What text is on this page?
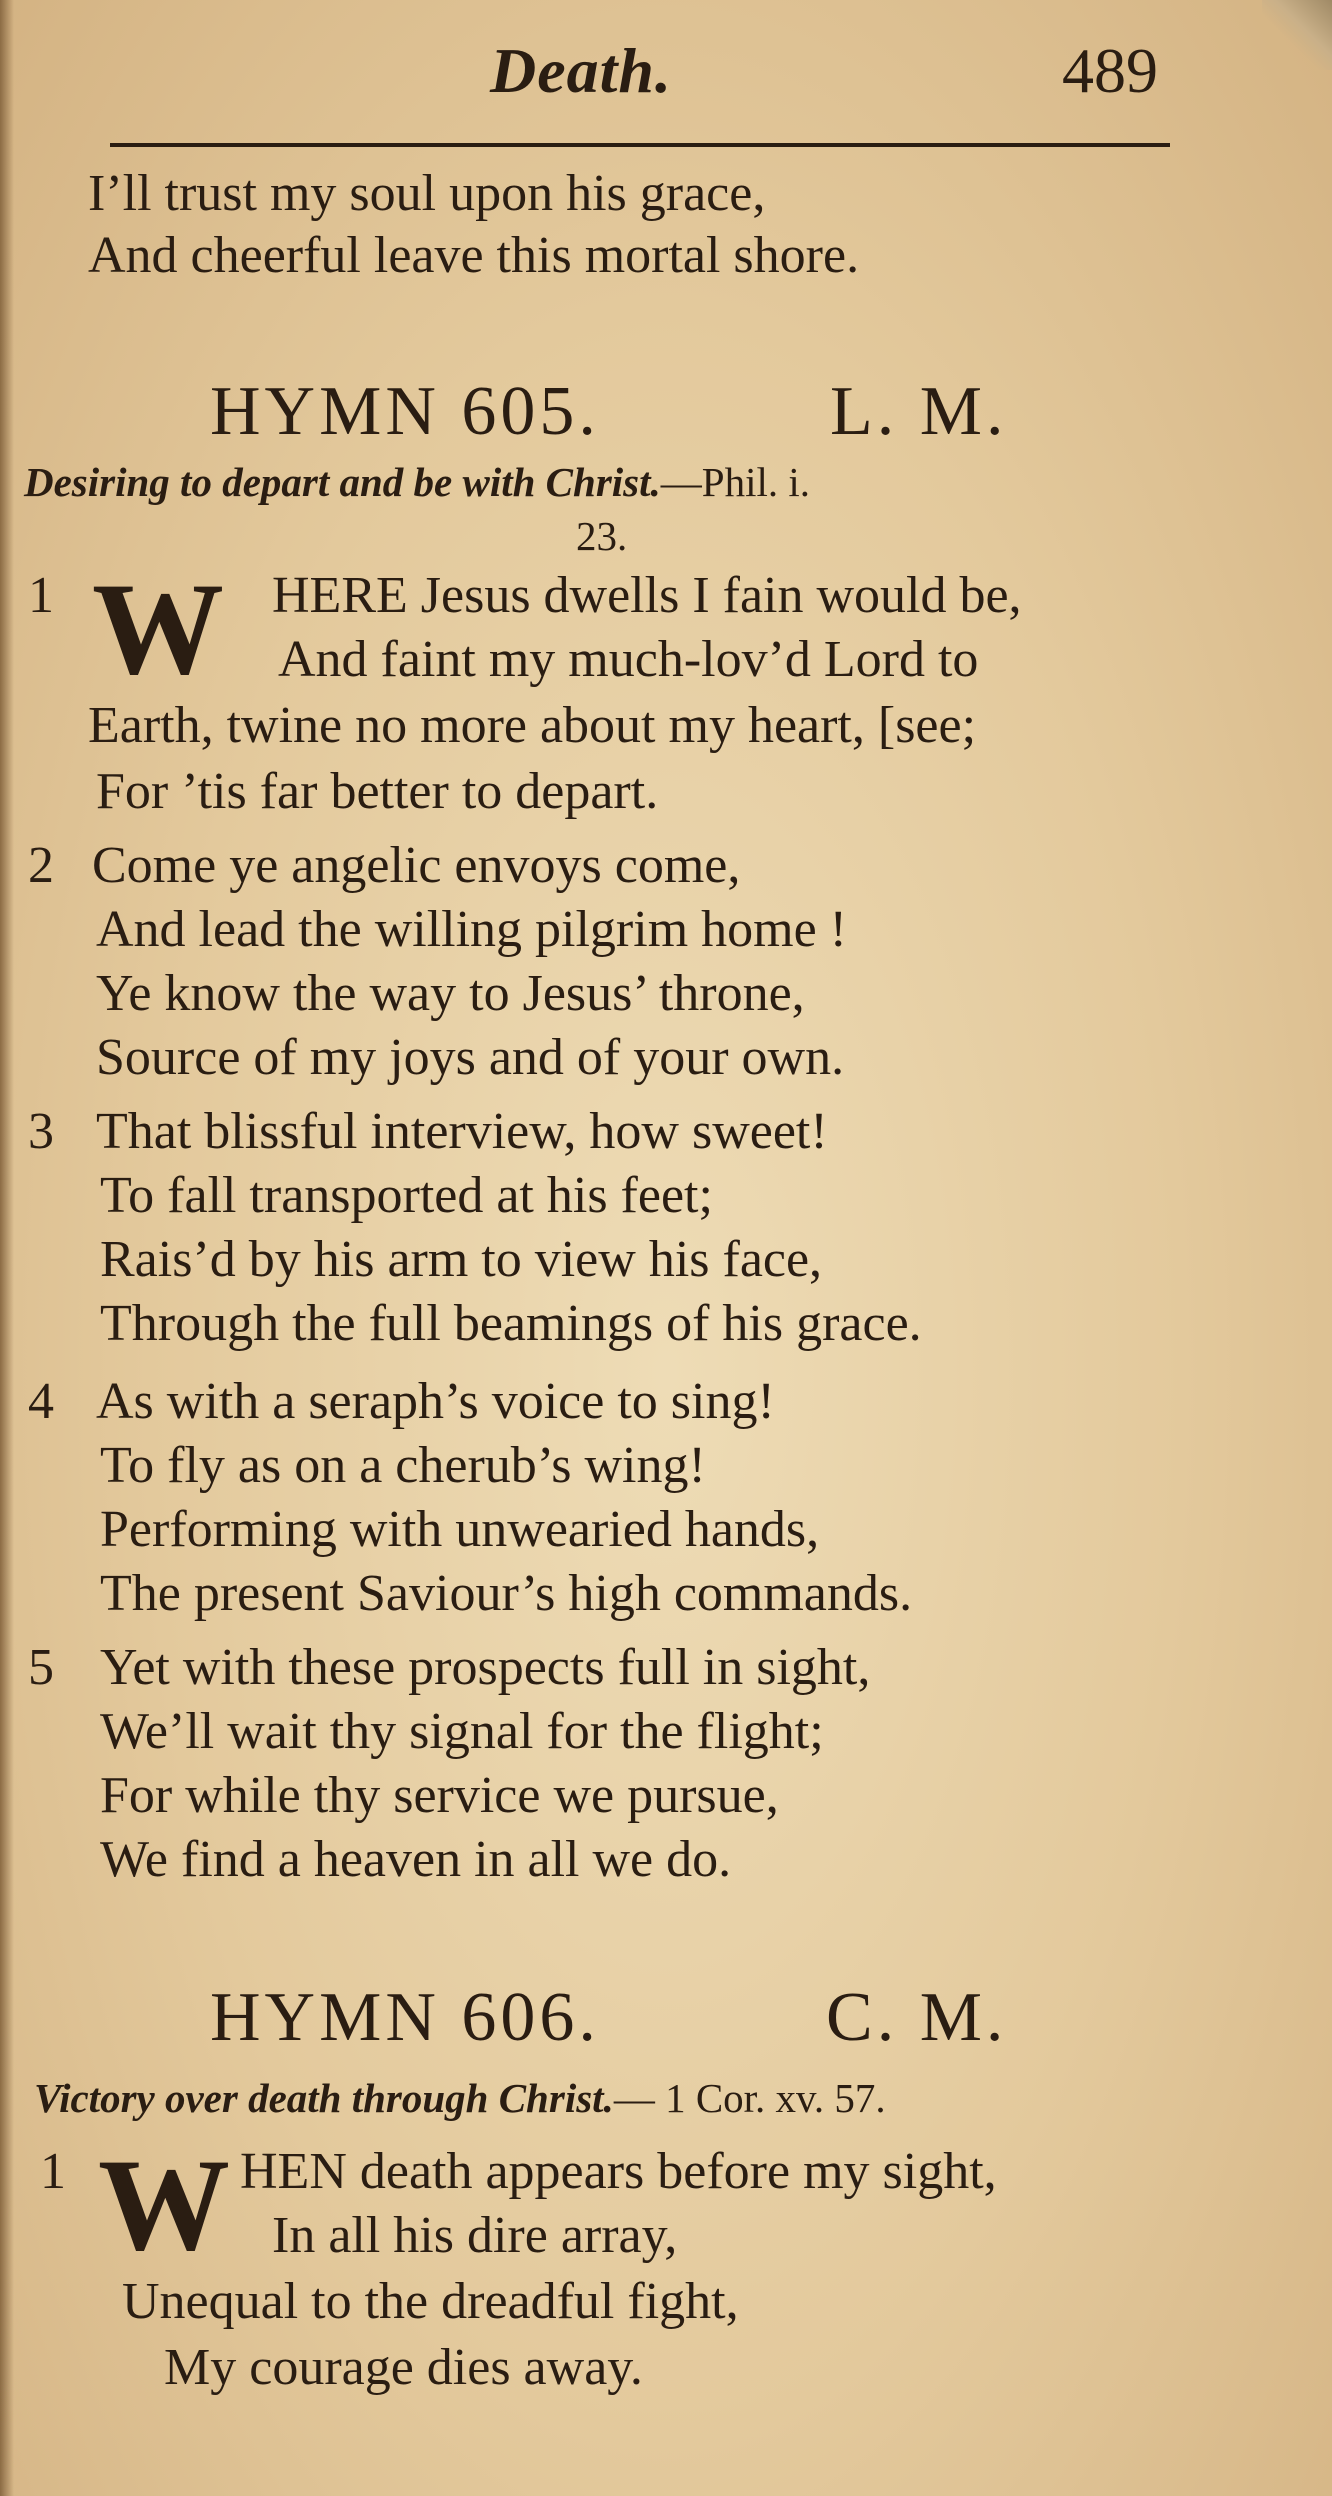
Death.	489
I’ll trust my soul upon his grace,
And cheerful leave this mortal shore.
HYMN 605.	L. M.
Desiring to depart and be with Christ.—Phil. i.
23.
1 W HERE Jesus dwells I fain would be,
And faint my much-lov’d Lord to
Earth, twine no more about my heart, [see;
For ’tis far better to depart.
2 Come ye angelic envoys come,
And lead the willing pilgrim home !
Ye know the way to Jesus’ throne,
Source of my joys and of your own.
3 That blissful interview, how sweet!
To fall transported at his feet;
Rais’d by his arm to view his face,
Through the full beamings of his grace.
4 As with a seraph’s voice to sing!
To fly as on a cherub’s wing!
Performing with unwearied hands,
The present Saviour’s high commands.
5 Yet with these prospects full in sight,
We’ll wait thy signal for the flight;
For while thy service we pursue,
We find a heaven in all we do.
HYMN 606.	C. M.
Victory over death through Christ.— 1 Cor. xv. 57.
1 W HEN death appears before my sight,
In all his dire array,
Unequal to the dreadful fight,
My courage dies away.
